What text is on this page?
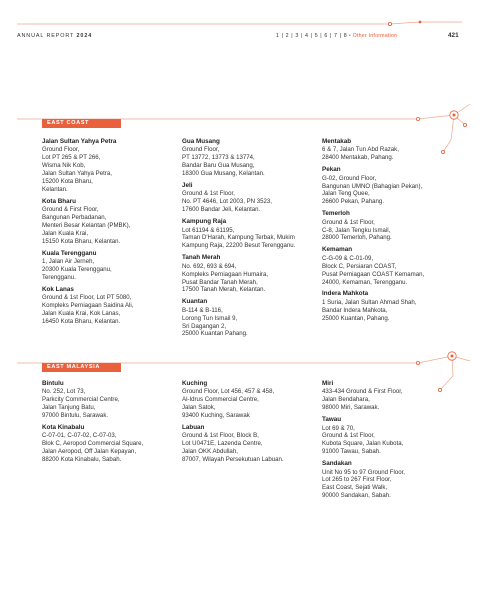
ANNUAL REPORT 2024	1 | 2 | 3 | 4 | 5 | 6 | 7 | 8 • Other Information	421
EAST COAST
Jalan Sultan Yahya Petra
Ground Floor,
Lot PT 265 & PT 266,
Wisma Nik Kob,
Jalan Sultan Yahya Petra,
15200 Kota Bharu,
Kelantan.
Kota Bharu
Ground & First Floor,
Bangunan Perbadanan,
Menteri Besar Kelantan (PMBK),
Jalan Kuala Krai,
15150 Kota Bharu, Kelantan.
Kuala Terengganu
1, Jalan Air Jerneh,
20300 Kuala Terengganu,
Terengganu.
Kok Lanas
Ground & 1st Floor, Lot PT 5080,
Kompleks Perniagaan Saidina Ali,
Jalan Kuala Krai, Kok Lanas,
16450 Kota Bharu, Kelantan.
Gua Musang
Ground Floor,
PT 13772, 13773 & 13774,
Bandar Baru Gua Musang,
18300 Gua Musang, Kelantan.
Jeli
Ground & 1st Floor,
No. PT 4646, Lot 2003, PN 3523,
17600 Bandar Jeli, Kelantan.
Kampung Raja
Lot 61194 & 61195,
Taman D'Harah, Kampung Terbak, Mukim
Kampung Raja, 22200 Besut Terengganu.
Tanah Merah
No. 692, 693 & 694,
Kompleks Perniagaan Humaira,
Pusat Bandar Tanah Merah,
17500 Tanah Merah, Kelantan.
Kuantan
B-114 & B-116,
Lorong Tun Ismail 9,
Sri Dagangan 2,
25000 Kuantan Pahang.
Mentakab
6 & 7, Jalan Tun Abd Razak,
28400 Mentakab, Pahang.
Pekan
G-02, Ground Floor,
Bangunan UMNO (Bahagian Pekan),
Jalan Teng Quee,
26600 Pekan, Pahang.
Temerloh
Ground & 1st Floor,
C-8, Jalan Tengku Ismail,
28000 Temerloh, Pahang.
Kemaman
C-G-09 & C-01-09,
Block C, Persiaran COAST,
Pusat Perniagaan COAST Kemaman,
24000, Kemaman, Terengganu.
Indera Mahkota
1 Suria, Jalan Sultan Ahmad Shah,
Bandar Indera Mahkota,
25000 Kuantan, Pahang.
EAST MALAYSIA
Bintulu
No. 252, Lot 73,
Parkcity Commercial Centre,
Jalan Tanjung Batu,
97000 Bintulu, Sarawak.
Kota Kinabalu
C-07-01, C-07-02, C-07-03,
Blok C, Aeropod Commercial Square,
Jalan Aeropod, Off Jalan Kepayan,
88200 Kota Kinabalu, Sabah.
Kuching
Ground Floor, Lot 456, 457 & 458,
Al-Idrus Commercial Centre,
Jalan Satok,
93400 Kuching, Sarawak
Labuan
Ground & 1st Floor, Block B,
Lot U0471E, Lazenda Centre,
Jalan OKK Abdullah,
87007, Wilayah Persekutuan Labuan.
Miri
433-434 Ground & First Floor,
Jalan Bendahara,
98000 Miri, Sarawak.
Tawau
Lot 69 & 70,
Ground & 1st Floor,
Kubota Square, Jalan Kubota,
91000 Tawau, Sabah.
Sandakan
Unit No 95 to 97 Ground Floor,
Lot 265 to 267 First Floor,
East Coast, Sejati Walk,
90000 Sandakan, Sabah.
